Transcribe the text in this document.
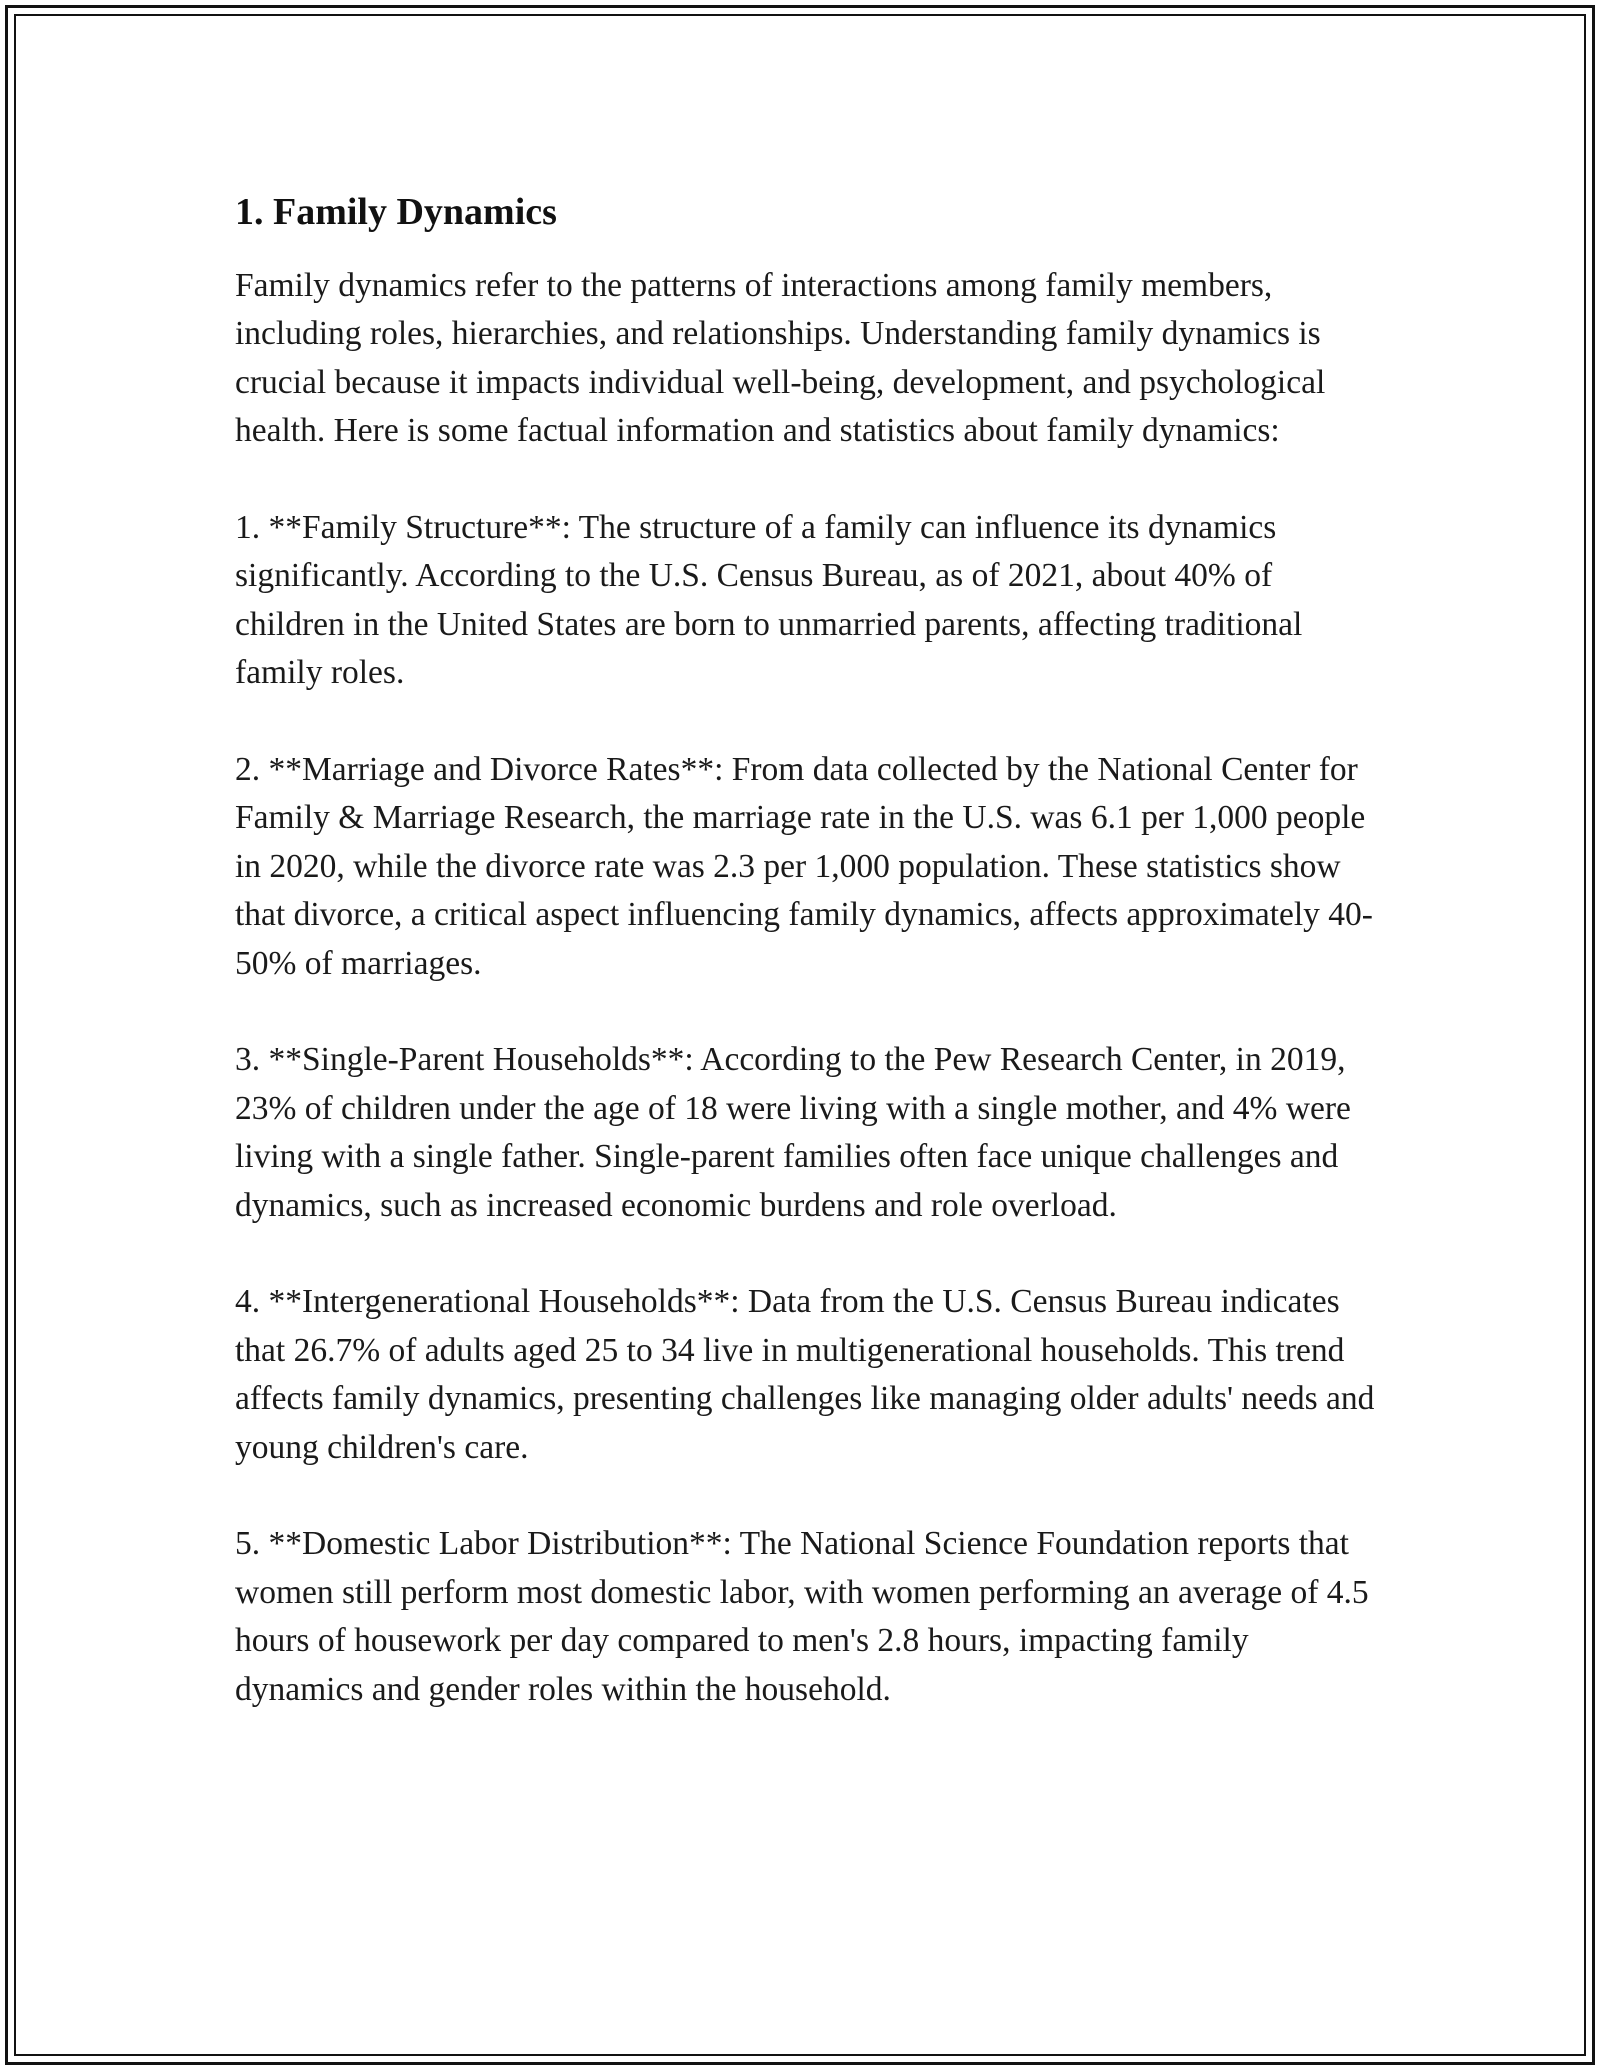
1. Family Dynamics

Family dynamics refer to the patterns of interactions among family members, including roles, hierarchies, and relationships. Understanding family dynamics is crucial because it impacts individual well-being, development, and psychological health. Here is some factual information and statistics about family dynamics:

1. **Family Structure**: The structure of a family can influence its dynamics significantly. According to the U.S. Census Bureau, as of 2021, about 40% of children in the United States are born to unmarried parents, affecting traditional family roles.

2. **Marriage and Divorce Rates**: From data collected by the National Center for Family & Marriage Research, the marriage rate in the U.S. was 6.1 per 1,000 people in 2020, while the divorce rate was 2.3 per 1,000 population. These statistics show that divorce, a critical aspect influencing family dynamics, affects approximately 40-50% of marriages.

3. **Single-Parent Households**: According to the Pew Research Center, in 2019, 23% of children under the age of 18 were living with a single mother, and 4% were living with a single father. Single-parent families often face unique challenges and dynamics, such as increased economic burdens and role overload.

4. **Intergenerational Households**: Data from the U.S. Census Bureau indicates that 26.7% of adults aged 25 to 34 live in multigenerational households. This trend affects family dynamics, presenting challenges like managing older adults' needs and young children's care.

5. **Domestic Labor Distribution**: The National Science Foundation reports that women still perform most domestic labor, with women performing an average of 4.5 hours of housework per day compared to men's 2.8 hours, impacting family dynamics and gender roles within the household.
